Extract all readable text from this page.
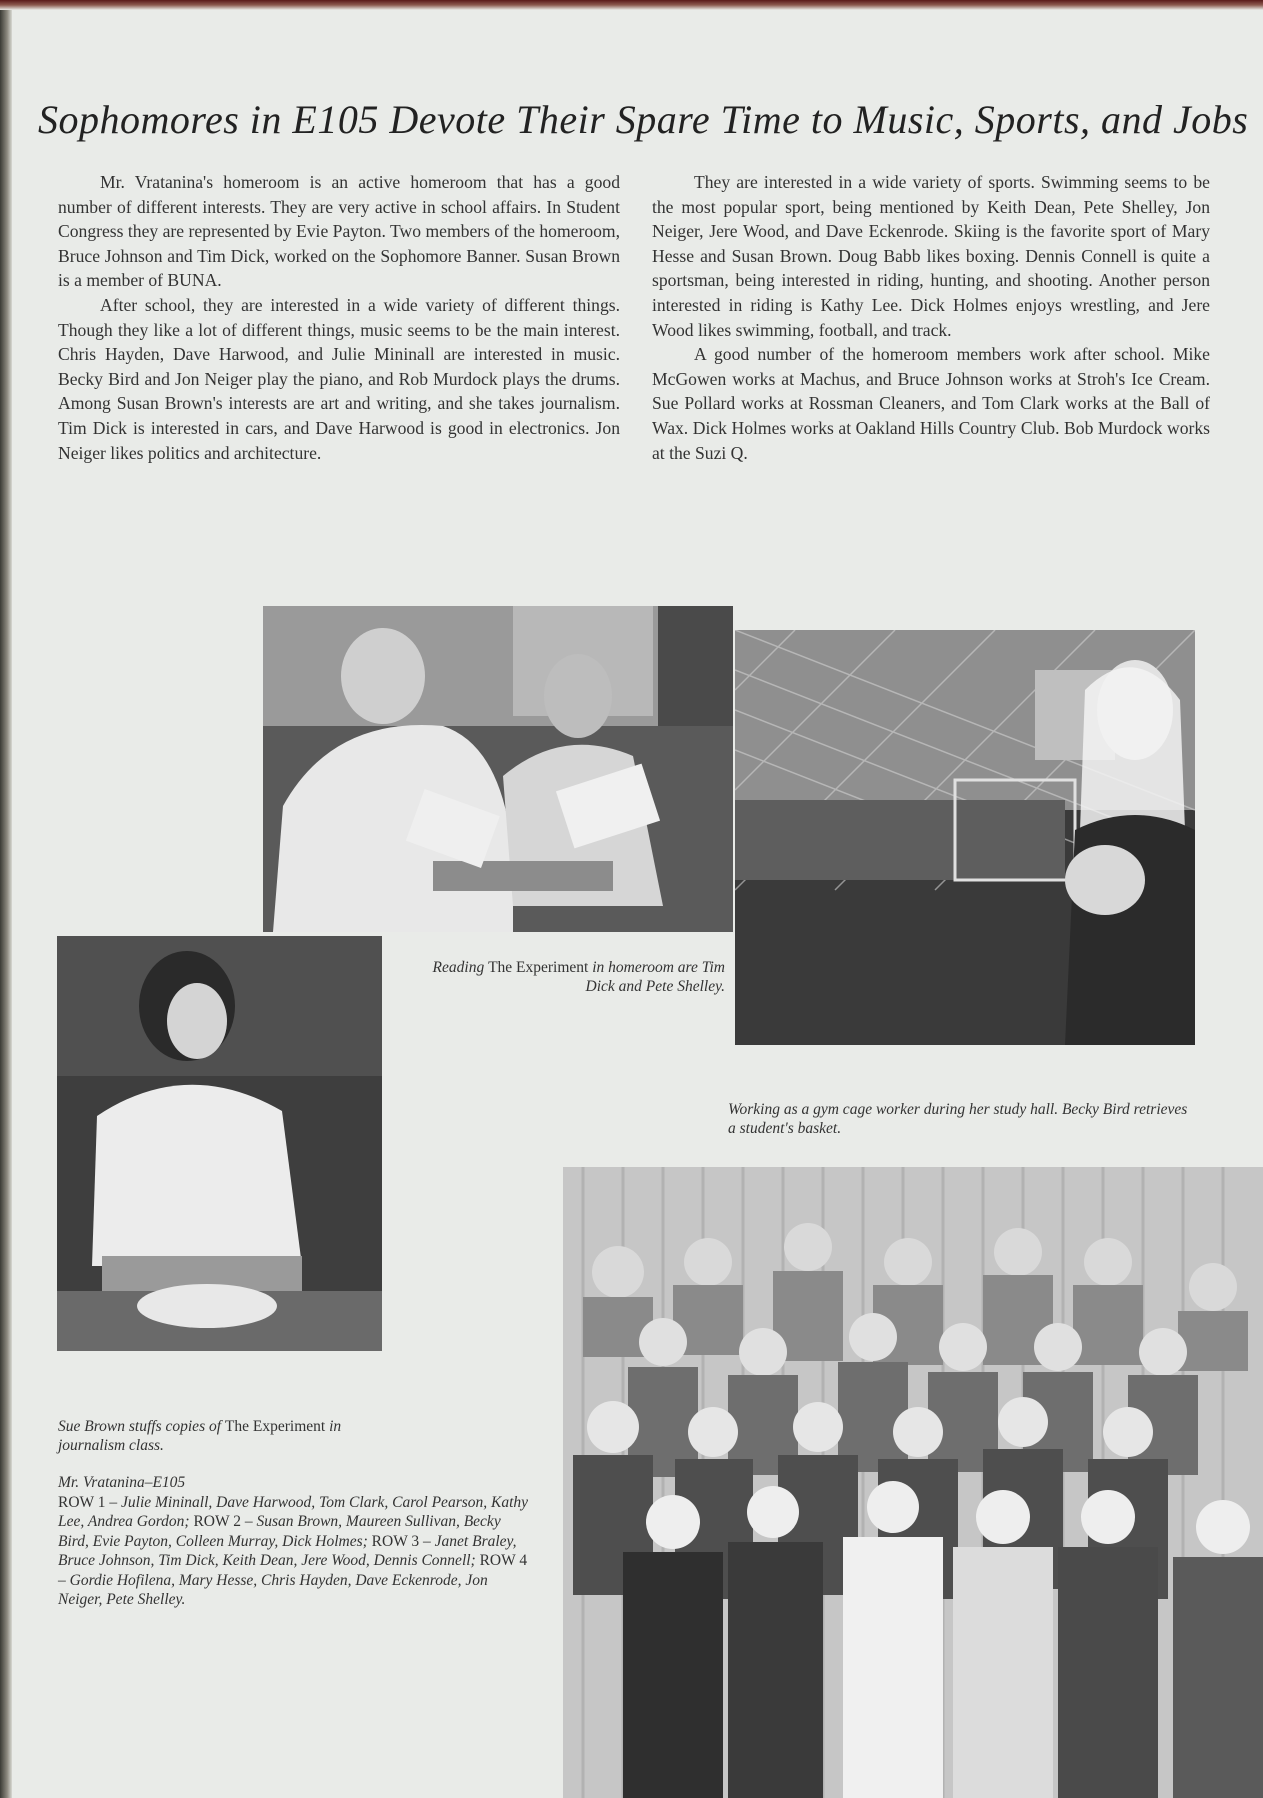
Sophomores in E105 Devote Their Spare Time to Music, Sports, and Jobs

Mr. Vratanina's homeroom is an active homeroom that has a good number of different interests. They are very active in school affairs. In Student Congress they are represented by Evie Payton. Two members of the homeroom, Bruce Johnson and Tim Dick, worked on the Sophomore Banner. Susan Brown is a member of BUNA.

After school, they are interested in a wide variety of different things. Though they like a lot of different things, music seems to be the main interest. Chris Hayden, Dave Harwood, and Julie Mininall are interested in music. Becky Bird and Jon Neiger play the piano, and Rob Murdock plays the drums. Among Susan Brown's interests are art and writing, and she takes journalism. Tim Dick is interested in cars, and Dave Harwood is good in electronics. Jon Neiger likes politics and architecture.

They are interested in a wide variety of sports. Swimming seems to be the most popular sport, being mentioned by Keith Dean, Pete Shelley, Jon Neiger, Jere Wood, and Dave Eckenrode. Skiing is the favorite sport of Mary Hesse and Susan Brown. Doug Babb likes boxing. Dennis Connell is quite a sportsman, being interested in riding, hunting, and shooting. Another person interested in riding is Kathy Lee. Dick Holmes enjoys wrestling, and Jere Wood likes swimming, football, and track.

A good number of the homeroom members work after school. Mike McGowen works at Machus, and Bruce Johnson works at Stroh's Ice Cream. Sue Pollard works at Rossman Cleaners, and Tom Clark works at the Ball of Wax. Dick Holmes works at Oakland Hills Country Club. Bob Murdock works at the Suzi Q.

Reading The Experiment in homeroom are Tim Dick and Pete Shelley.
Working as a gym cage worker during her study hall. Becky Bird retrieves a student's basket.
Sue Brown stuffs copies of The Experiment in journalism class.
Mr. Vratanina–E105
ROW 1 – Julie Mininall, Dave Harwood, Tom Clark, Carol Pearson, Kathy Lee, Andrea Gordon; ROW 2 – Susan Brown, Maureen Sullivan, Becky Bird, Evie Payton, Colleen Murray, Dick Holmes; ROW 3 – Janet Braley, Bruce Johnson, Tim Dick, Keith Dean, Jere Wood, Dennis Connell; ROW 4 – Gordie Hofilena, Mary Hesse, Chris Hayden, Dave Eckenrode, Jon Neiger, Pete Shelley.
